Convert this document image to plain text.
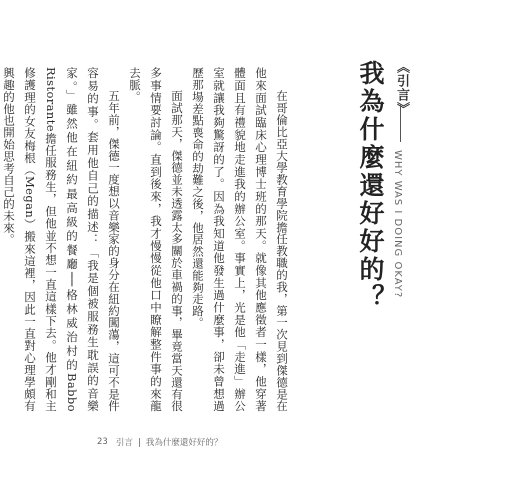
我為什麼還好好的？ 《引言》
WHY WAS I DOING OKAY?

在哥倫比亞大學教育學院擔任教職的我，第一次見到傑德是在他來面試臨床心理博士班的那天。就像其他應徵者一樣，他穿著體面且有禮貌地走進我的辦公室。事實上，光是他「走進」辦公室就讓我夠驚訝的了。因為我知道他發生過什麼事，卻未曾想過歷那場差點喪命的劫難之後，他居然還能夠走路。

面試那天，傑德並未透露太多關於車禍的事，畢竟當天還有很多事情要討論。直到後來，我才慢慢從他口中瞭解整件事的來龍去脈。

五年前，傑德一度想以音樂家的身分在紐約闖蕩，這可不是件容易的事。套用他自己的描述：「我是個被服務生耽誤的音樂家。」雖然他在紐約最高級的餐廳──格林威治村的Babbo Ristorante擔任服務生，但他並不想一直這樣下去。他才剛和主修護理的女友梅根（Megan）搬來這裡，因此一直對心理學頗有興趣的他也開始思考自己的未來。

23 引言 我為什麼還好好的？
